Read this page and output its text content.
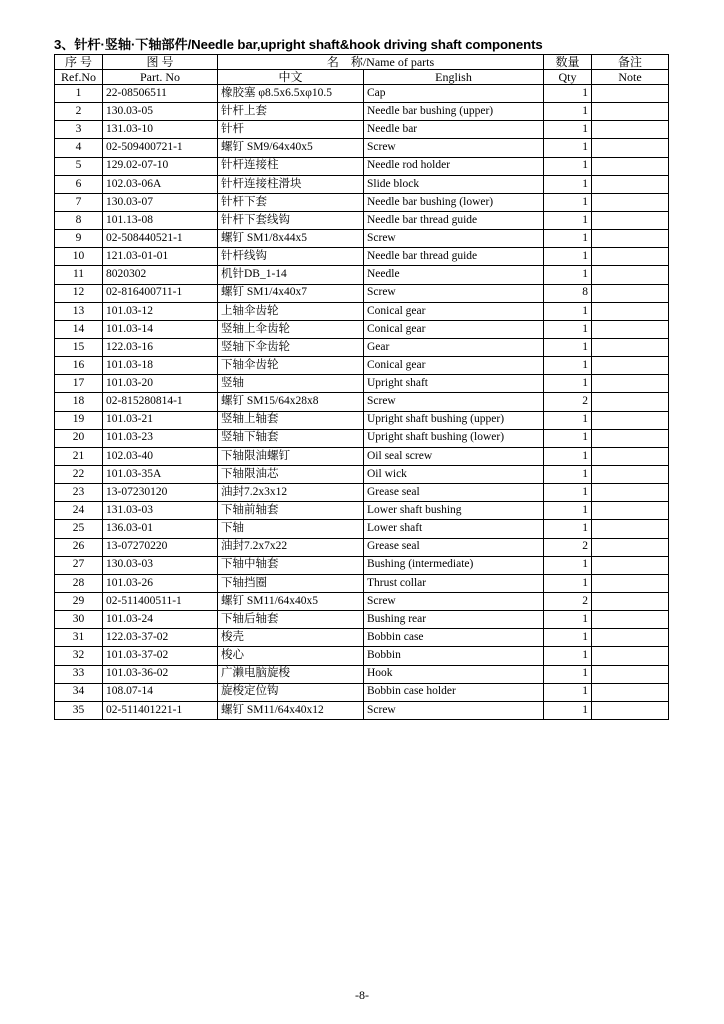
3、针杆·竖轴·下轴部件/Needle bar,upright shaft&hook driving shaft components
序 号	图 号	名　称/Name of parts		数量	备注
Ref.No	Part. No	中文	English	Qty	Note
1	22-08506511	橡胶塞 φ8.5x6.5xφ10.5	Cap	1	
2	130.03-05	针杆上套	Needle bar bushing (upper)	1	
3	131.03-10	针杆	Needle bar	1	
4	02-509400721-1	螺钉 SM9/64x40x5	Screw	1	
5	129.02-07-10	针杆连接柱	Needle rod holder	1	
6	102.03-06A	针杆连接柱滑块	Slide block	1	
7	130.03-07	针杆下套	Needle bar bushing (lower)	1	
8	101.13-08	针杆下套线钩	Needle bar thread guide	1	
9	02-508440521-1	螺钉 SM1/8x44x5	Screw	1	
10	121.03-01-01	针杆线钩	Needle bar thread guide	1	
11	8020302	机针DB_1-14	Needle	1	
12	02-816400711-1	螺钉 SM1/4x40x7	Screw	8	
13	101.03-12	上轴伞齿轮	Conical gear	1	
14	101.03-14	竖轴上伞齿轮	Conical gear	1	
15	122.03-16	竖轴下伞齿轮	Gear	1	
16	101.03-18	下轴伞齿轮	Conical gear	1	
17	101.03-20	竖轴	Upright shaft	1	
18	02-815280814-1	螺钉 SM15/64x28x8	Screw	2	
19	101.03-21	竖轴上轴套	Upright shaft bushing (upper)	1	
20	101.03-23	竖轴下轴套	Upright shaft bushing (lower)	1	
21	102.03-40	下轴限油螺钉	Oil seal screw	1	
22	101.03-35A	下轴限油芯	Oil wick	1	
23	13-07230120	油封7.2x3x12	Grease seal	1	
24	131.03-03	下轴前轴套	Lower shaft bushing	1	
25	136.03-01	下轴	Lower shaft	1	
26	13-07270220	油封7.2x7x22	Grease seal	2	
27	130.03-03	下轴中轴套	Bushing (intermediate)	1	
28	101.03-26	下轴挡圈	Thrust collar	1	
29	02-511400511-1	螺钉 SM11/64x40x5	Screw	2	
30	101.03-24	下轴后轴套	Bushing rear	1	
31	122.03-37-02	梭壳	Bobbin case	1	
32	101.03-37-02	梭心	Bobbin	1	
33	101.03-36-02	广濑电脑旋梭	Hook	1	
34	108.07-14	旋梭定位钩	Bobbin case holder	1	
35	02-511401221-1	螺钉 SM11/64x40x12	Screw	1	
-8-
